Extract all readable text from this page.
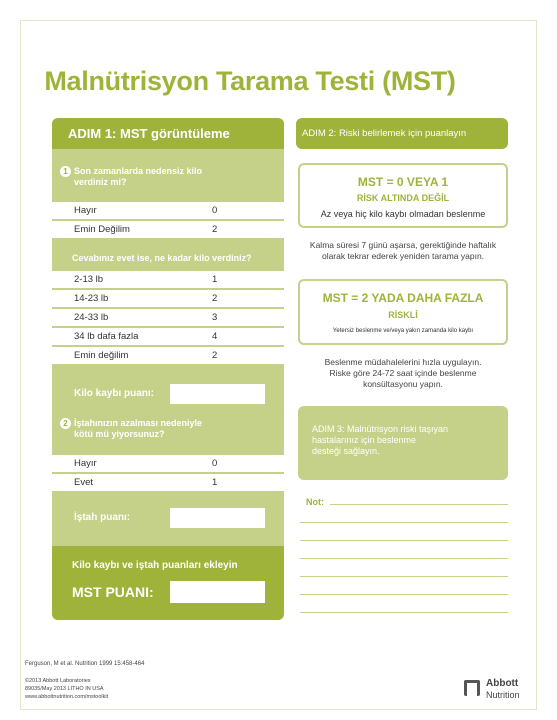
Malnütrisyon Tarama Testi (MST)
ADIM 1: MST görüntüleme
1 Son zamanlarda nedensiz kilo
verdiniz mi?
Hayır	0
Emin Değilim	2
Cevabınız evet ise, ne kadar kilo verdiniz?
2-13 lb	1
14-23 lb	2
24-33 lb	3
34 lb dafa fazla	4
Emin değilim	2
Kilo kaybı puanı:
2 İştahınızın azalması nedeniyle
kötü mü yiyorsunuz?
Hayır	0
Evet	1
İştah puanı:
Kilo kaybı ve iştah puanları ekleyin
MST PUANI:
ADIM 2: Riski belirlemek için puanlayın
MST = 0 VEYA 1
RİSK ALTINDA DEĞİL
Az veya hiç kilo kaybı olmadan beslenme
Kalma süresi 7 günü aşarsa, gerektiğinde haftalık
olarak tekrar ederek yeniden tarama yapın.
MST = 2 YADA DAHA FAZLA
RİSKLİ
Yetersiz beslenme ve/veya yakın zamanda kilo kaybı
Beslenme müdahalelerini hızla uygulayın.
Riske göre 24-72 saat içinde beslenme
konsültasyonu yapın.
ADIM 3: Malnütrisyon riski taşıyan
hastalarınız için beslenme
desteği sağlayın.
Not:
Ferguson, M et al. Nutrition 1999 15:458-464
©2013 Abbott Laboratories
89035/May 2013 LITHO IN USA
www.abbottnutrition.com/mstoolkit
Abbott
Nutrition
